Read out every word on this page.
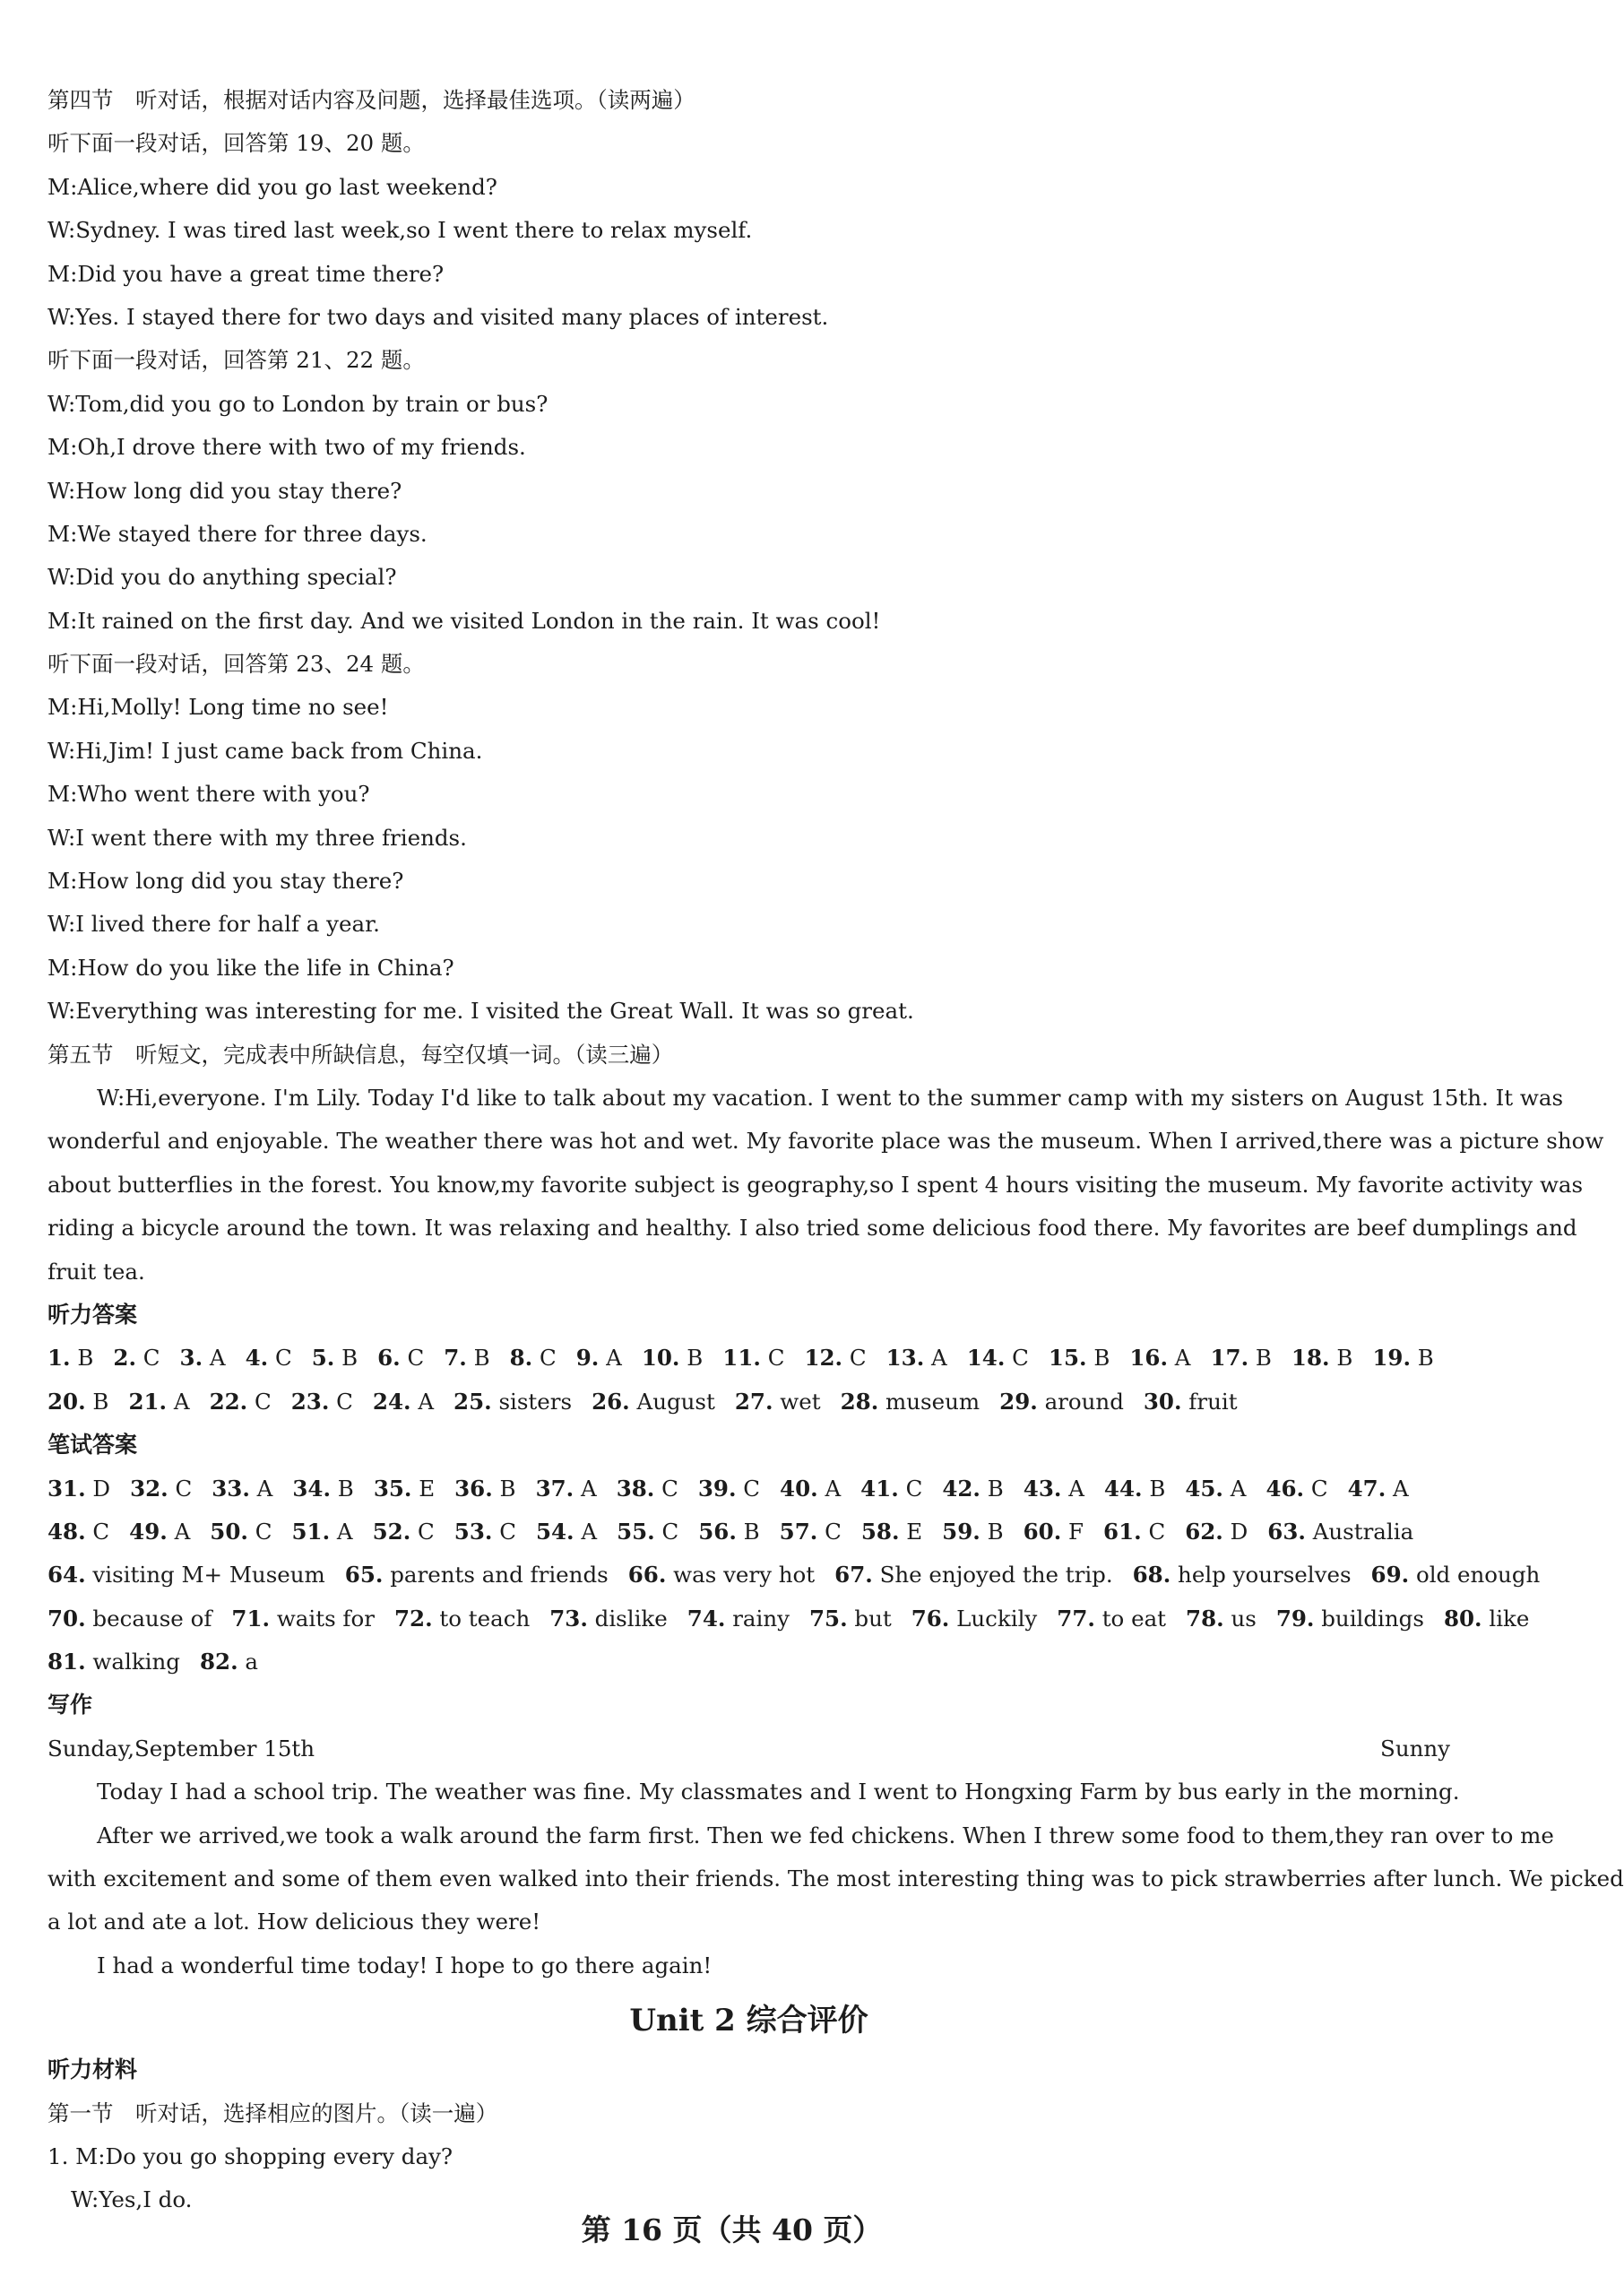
第四节　听对话，根据对话内容及问题，选择最佳选项。（读两遍）
听下面一段对话，回答第 19、20 题。
M:Alice,where did you go last weekend?
W:Sydney. I was tired last week,so I went there to relax myself.
M:Did you have a great time there?
W:Yes. I stayed there for two days and visited many places of interest.
听下面一段对话，回答第 21、22 题。
W:Tom,did you go to London by train or bus?
M:Oh,I drove there with two of my friends.
W:How long did you stay there?
M:We stayed there for three days.
W:Did you do anything special?
M:It rained on the first day. And we visited London in the rain. It was cool!
听下面一段对话，回答第 23、24 题。
M:Hi,Molly! Long time no see!
W:Hi,Jim! I just came back from China.
M:Who went there with you?
W:I went there with my three friends.
M:How long did you stay there?
W:I lived there for half a year.
M:How do you like the life in China?
W:Everything was interesting for me. I visited the Great Wall. It was so great.
第五节　听短文，完成表中所缺信息，每空仅填一词。（读三遍）
W:Hi,everyone. I'm Lily. Today I'd like to talk about my vacation. I went to the summer camp with my sisters on August 15th. It was
wonderful and enjoyable. The weather there was hot and wet. My favorite place was the museum. When I arrived,there was a picture show
about butterflies in the forest. You know,my favorite subject is geography,so I spent 4 hours visiting the museum. My favorite activity was
riding a bicycle around the town. It was relaxing and healthy. I also tried some delicious food there. My favorites are beef dumplings and
fruit tea.
听力答案
1. B 2. C 3. A 4. C 5. B 6. C 7. B 8. C 9. A 10. B 11. C 12. C 13. A 14. C 15. B 16. A 17. B 18. B 19. B
20. B 21. A 22. C 23. C 24. A 25. sisters 26. August 27. wet 28. museum 29. around 30. fruit
笔试答案
31. D 32. C 33. A 34. B 35. E 36. B 37. A 38. C 39. C 40. A 41. C 42. B 43. A 44. B 45. A 46. C 47. A
48. C 49. A 50. C 51. A 52. C 53. C 54. A 55. C 56. B 57. C 58. E 59. B 60. F 61. C 62. D 63. Australia
64. visiting M+ Museum 65. parents and friends 66. was very hot 67. She enjoyed the trip. 68. help yourselves 69. old enough
70. because of 71. waits for 72. to teach 73. dislike 74. rainy 75. but 76. Luckily 77. to eat 78. us 79. buildings 80. like
81. walking 82. a
写作
Sunday,September 15th	Sunny
Today I had a school trip. The weather was fine. My classmates and I went to Hongxing Farm by bus early in the morning.
After we arrived,we took a walk around the farm first. Then we fed chickens. When I threw some food to them,they ran over to me
with excitement and some of them even walked into their friends. The most interesting thing was to pick strawberries after lunch. We picked
a lot and ate a lot. How delicious they were!
I had a wonderful time today! I hope to go there again!
Unit 2 综合评价
听力材料
第一节　听对话，选择相应的图片。（读一遍）
1. M:Do you go shopping every day?
W:Yes,I do.
第 16 页（共 40 页）
